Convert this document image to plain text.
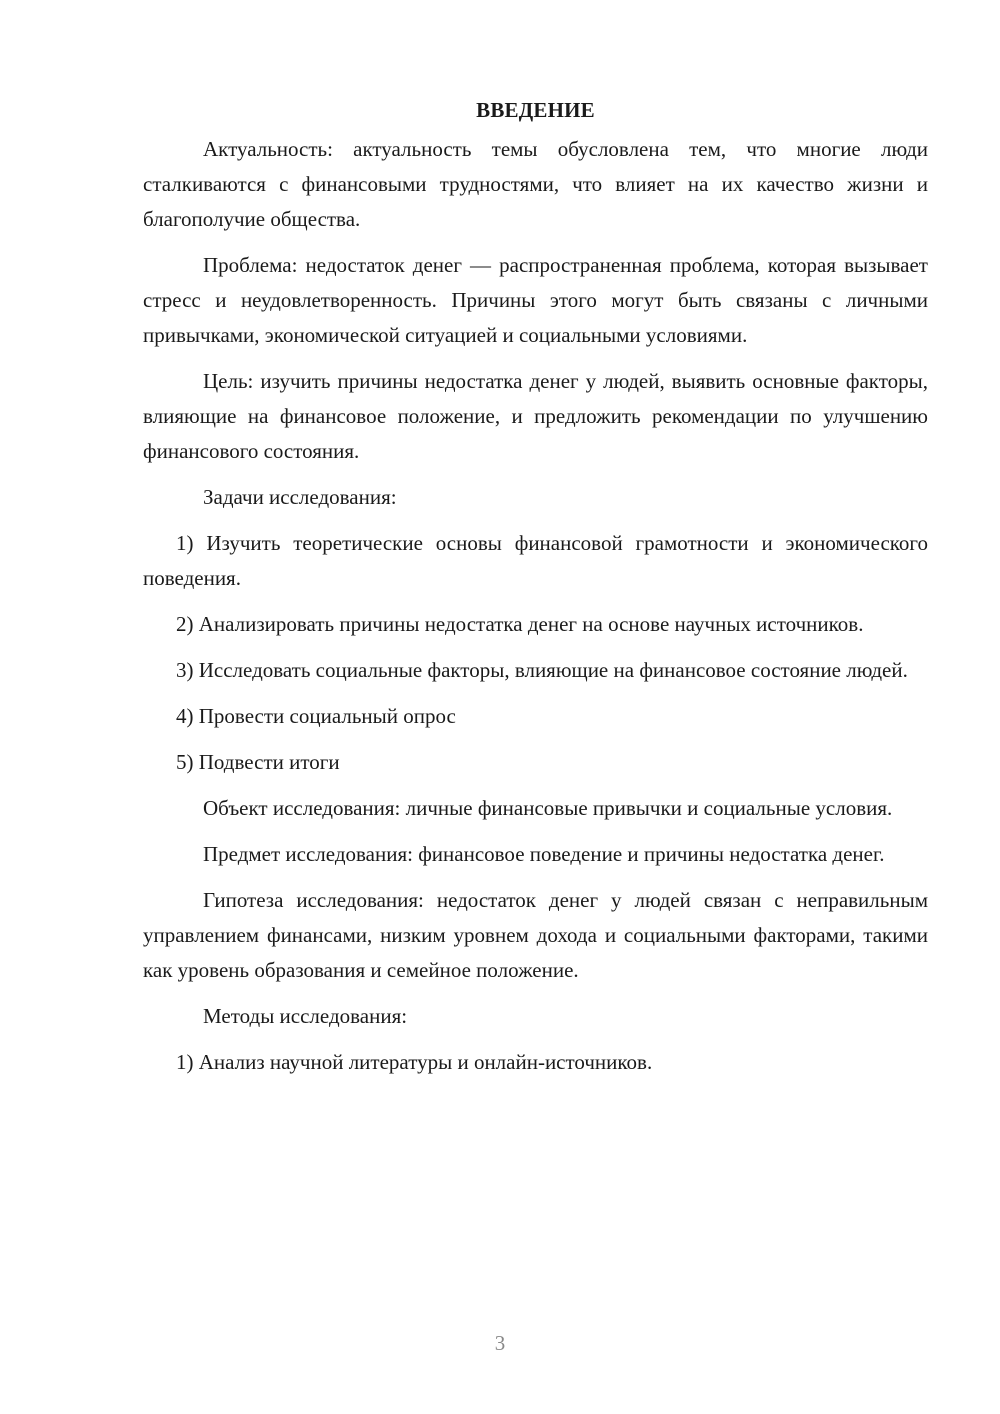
ВВЕДЕНИЕ

Актуальность: актуальность темы обусловлена тем, что многие люди сталкиваются с финансовыми трудностями, что влияет на их качество жизни и благополучие общества.

Проблема: недостаток денег — распространенная проблема, которая вызывает стресс и неудовлетворенность. Причины этого могут быть связаны с личными привычками, экономической ситуацией и социальными условиями.

Цель: изучить причины недостатка денег у людей, выявить основные факторы, влияющие на финансовое положение, и предложить рекомендации по улучшению финансового состояния.

Задачи исследования:

1) Изучить теоретические основы финансовой грамотности и экономического поведения.

2) Анализировать причины недостатка денег на основе научных источников.

3) Исследовать социальные факторы, влияющие на финансовое состояние людей.

4) Провести социальный опрос

5) Подвести итоги

Объект исследования: личные финансовые привычки и социальные условия.

Предмет исследования: финансовое поведение и причины недостатка денег.

Гипотеза исследования: недостаток денег у людей связан с неправильным управлением финансами, низким уровнем дохода и социальными факторами, такими как уровень образования и семейное положение.

Методы исследования:

1) Анализ научной литературы и онлайн-источников.

3
